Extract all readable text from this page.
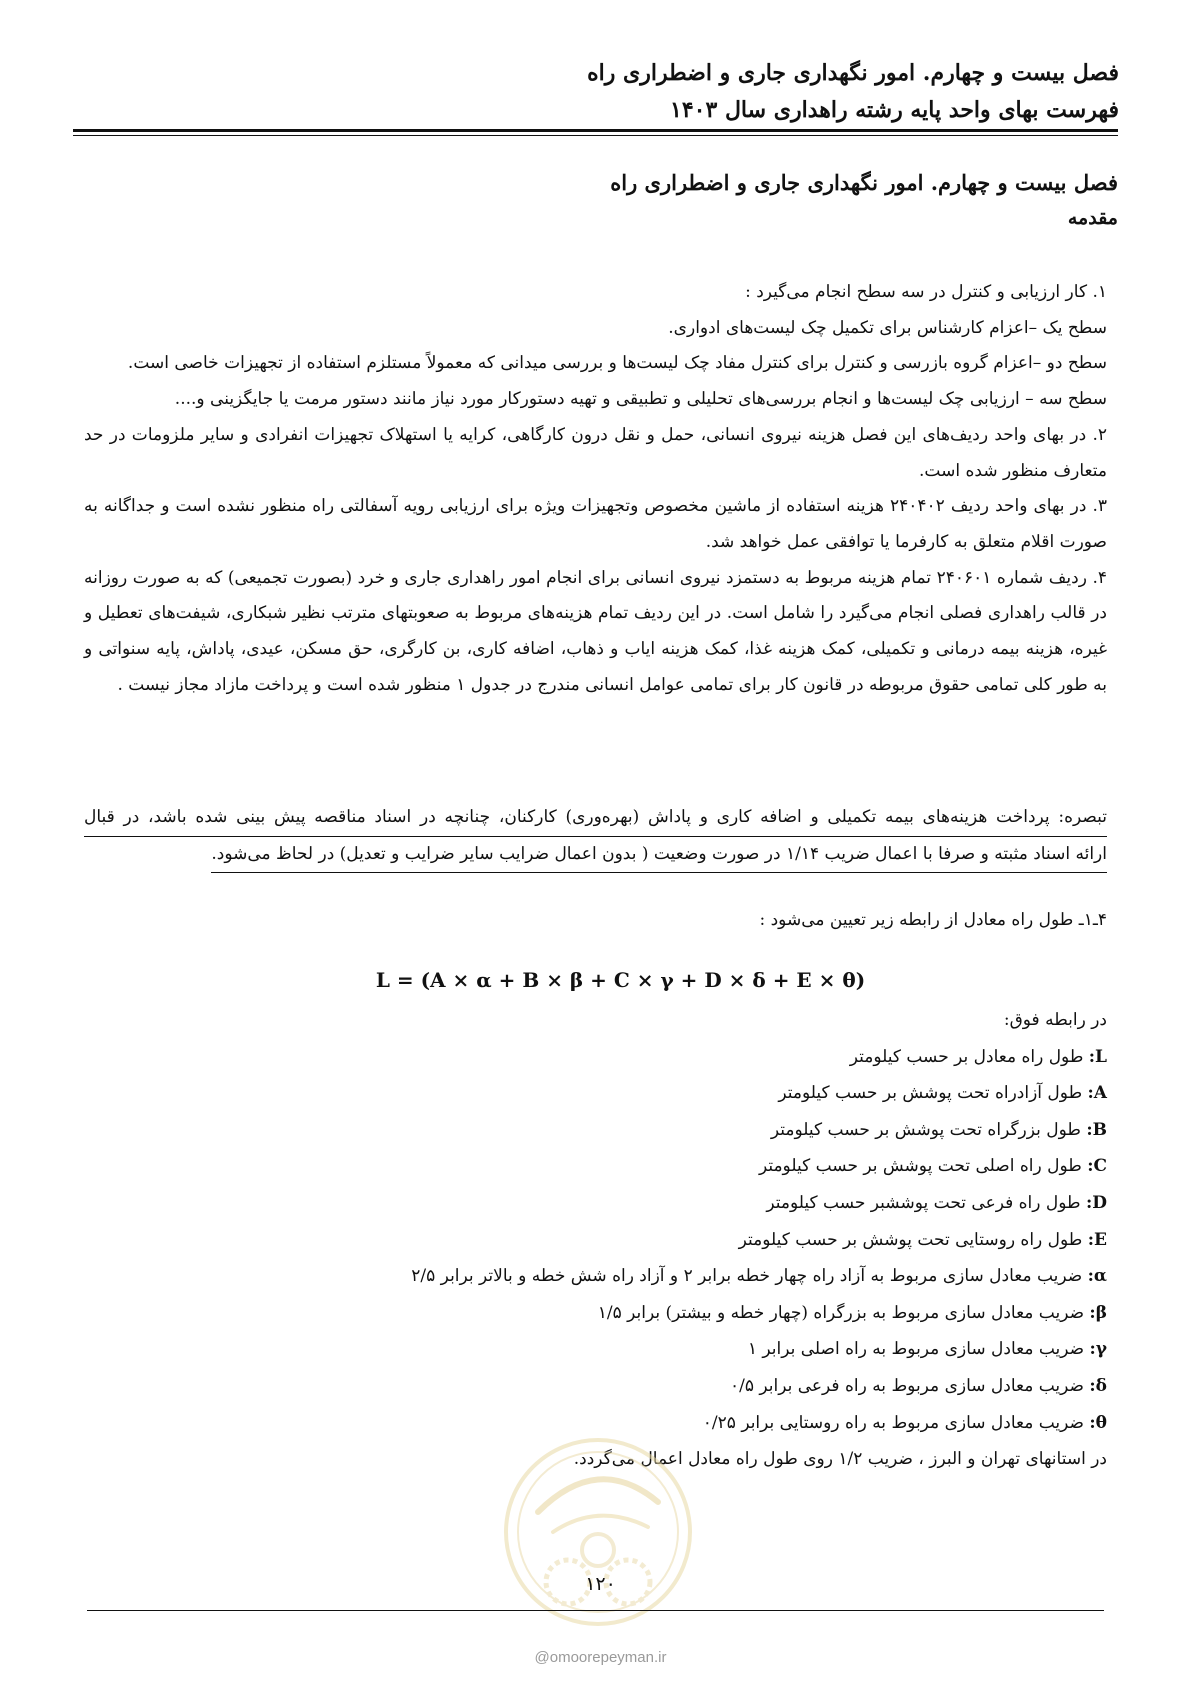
فصل بیست و چهارم. امور نگهداری جاری و اضطراری راه
فهرست بهای واحد پایه رشته راهداری سال ۱۴۰۳
فصل بیست و چهارم. امور نگهداری جاری و اضطراری راه
مقدمه

۱. کار ارزیابی و کنترل در سه سطح انجام می‌گیرد :

سطح یک –اعزام کارشناس برای تکمیل چک لیست‌های ادواری.

سطح دو –اعزام گروه بازرسی و کنترل برای کنترل مفاد چک لیست‌ها و بررسی میدانی که معمولاً مستلزم استفاده از تجهیزات خاصی است.

سطح سه – ارزیابی چک لیست‌ها و انجام بررسی‌های تحلیلی و تطبیقی و تهیه دستورکار مورد نیاز مانند دستور مرمت یا جایگزینی و....

۲. در بهای واحد ردیف‌های این فصل هزینه نیروی انسانی، حمل و نقل درون کارگاهی، کرایه یا استهلاک تجهیزات انفرادی و سایر ملزومات در حد متعارف منظور شده است.

۳. در بهای واحد ردیف ۲۴۰۴۰۲ هزینه استفاده از ماشین مخصوص وتجهیزات ویژه برای ارزیابی رویه آسفالتی راه منظور نشده است و جداگانه به صورت اقلام متعلق به کارفرما یا توافقی عمل خواهد شد.

۴. ردیف شماره ۲۴۰۶۰۱ تمام هزینه مربوط به دستمزد نیروی انسانی برای انجام امور راهداری جاری و خرد (بصورت تجمیعی) که به صورت روزانه در قالب راهداری فصلی انجام می‌گیرد را شامل است. در این ردیف تمام هزینه‌های مربوط به صعوبتهای مترتب نظیر شبکاری، شیفت‌های تعطیل و غیره، هزینه بیمه درمانی و تکمیلی، کمک هزینه غذا، کمک هزینه ایاب و ذهاب، اضافه کاری، بن کارگری، حق مسکن، عیدی، پاداش، پایه سنواتی و به طور کلی تمامی حقوق مربوطه در قانون کار برای تمامی عوامل انسانی مندرج در جدول ۱ منظور شده است و پرداخت مازاد مجاز نیست .

تبصره: پرداخت هزینه‌های بیمه تکمیلی و اضافه کاری و پاداش (بهره‌وری) کارکنان، چنانچه در اسناد مناقصه پیش بینی شده باشد، در قبال
ارائه اسناد مثبته و صرفا با اعمال ضریب ۱/۱۴ در صورت وضعیت ( بدون اعمال ضرایب سایر ضرایب و تعدیل) در لحاظ می‌شود.
۴ـ۱ـ طول راه معادل از رابطه زیر تعیین می‌شود :
L = (A × α + B × β + C × γ + D × δ + E × θ)
در رابطه فوق:
L: طول راه معادل بر حسب کیلومتر
A: طول آزادراه تحت پوشش بر حسب کیلومتر
B: طول بزرگراه تحت پوشش بر حسب کیلومتر
C: طول راه اصلی تحت پوشش بر حسب کیلومتر
D: طول راه فرعی تحت پوششبر حسب کیلومتر
E: طول راه روستایی تحت پوشش بر حسب کیلومتر
α: ضریب معادل سازی مربوط به آزاد راه چهار خطه برابر ۲ و آزاد راه شش خطه و بالاتر برابر ۲/۵
β: ضریب معادل سازی مربوط به بزرگراه (چهار خطه و بیشتر) برابر ۱/۵
γ: ضریب معادل سازی مربوط به راه اصلی برابر ۱
δ: ضریب معادل سازی مربوط به راه فرعی برابر ۰/۵
θ: ضریب معادل سازی مربوط به راه روستایی برابر ۰/۲۵
در استانهای تهران و البرز ، ضریب ۱/۲ روی طول راه معادل اعمال می‌گردد.
۱۲۰
@omoorepeyman.ir
